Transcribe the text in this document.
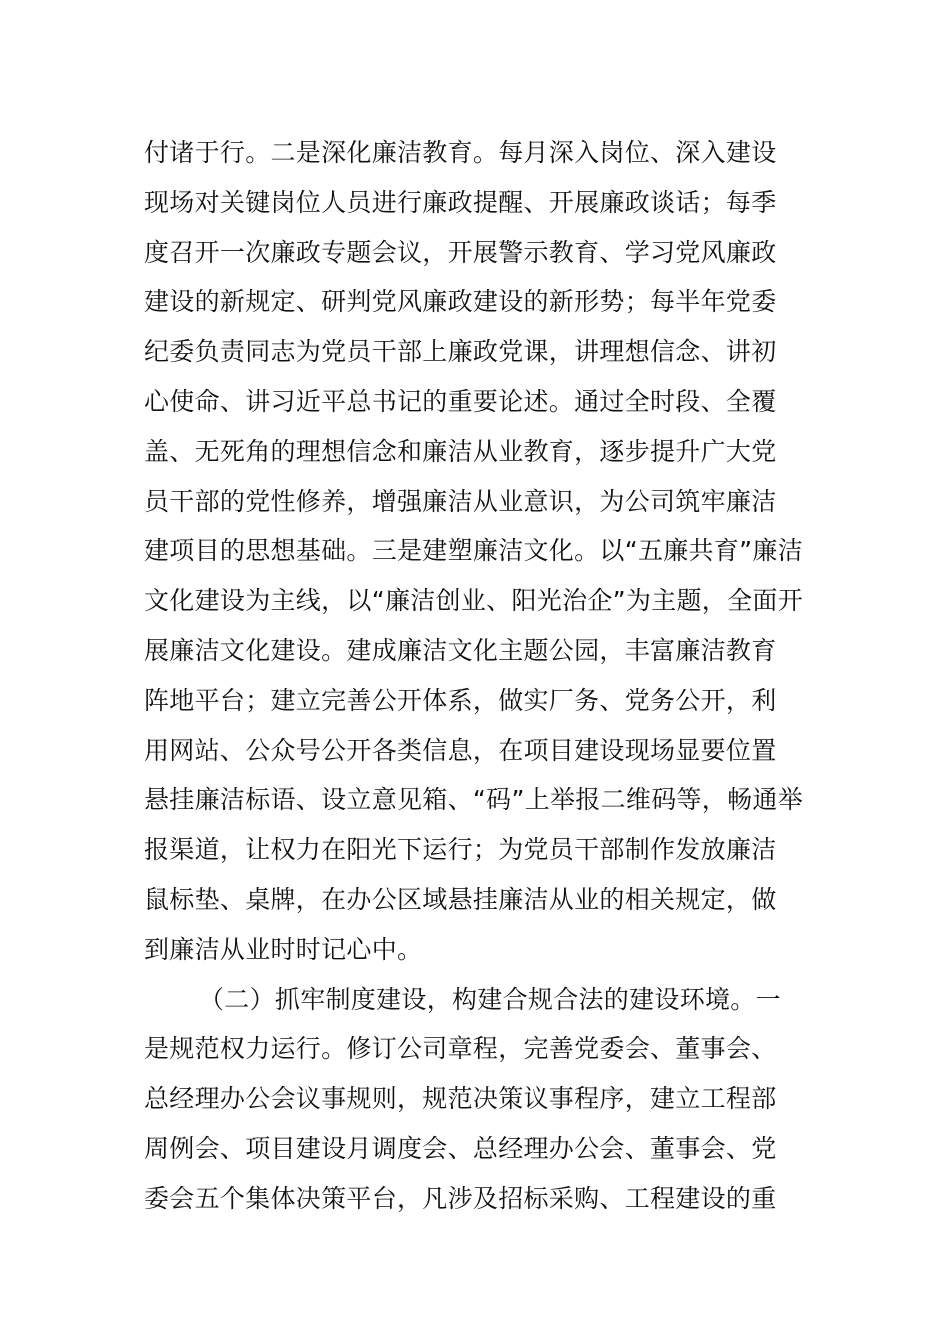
付诸于行。二是深化廉洁教育。每月深入岗位、深入建设
现场对关键岗位人员进行廉政提醒、开展廉政谈话；每季
度召开一次廉政专题会议，开展警示教育、学习党风廉政
建设的新规定、研判党风廉政建设的新形势；每半年党委
纪委负责同志为党员干部上廉政党课，讲理想信念、讲初
心使命、讲习近平总书记的重要论述。通过全时段、全覆
盖、无死角的理想信念和廉洁从业教育，逐步提升广大党
员干部的党性修养，增强廉洁从业意识，为公司筑牢廉洁
建项目的思想基础。三是建塑廉洁文化。以“五廉共育”廉洁
文化建设为主线，以“廉洁创业、阳光治企”为主题，全面开
展廉洁文化建设。建成廉洁文化主题公园，丰富廉洁教育
阵地平台；建立完善公开体系，做实厂务、党务公开，利
用网站、公众号公开各类信息，在项目建设现场显要位置
悬挂廉洁标语、设立意见箱、“码”上举报二维码等，畅通举
报渠道，让权力在阳光下运行；为党员干部制作发放廉洁
鼠标垫、桌牌，在办公区域悬挂廉洁从业的相关规定，做
到廉洁从业时时记心中。
（二）抓牢制度建设，构建合规合法的建设环境。一
是规范权力运行。修订公司章程，完善党委会、董事会、
总经理办公会议事规则，规范决策议事程序，建立工程部
周例会、项目建设月调度会、总经理办公会、董事会、党
委会五个集体决策平台，凡涉及招标采购、工程建设的重
